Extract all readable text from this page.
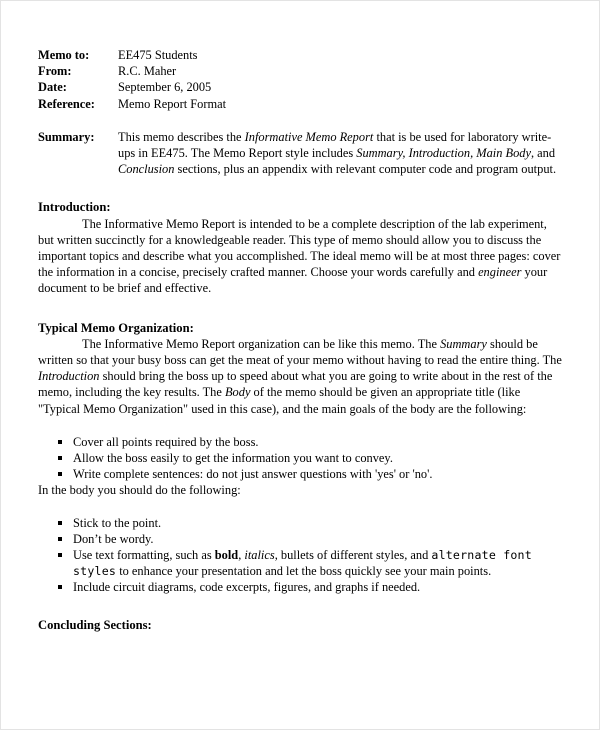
Memo to:	EE475 Students
From:	R.C. Maher
Date:	September 6, 2005
Reference:	Memo Report Format
Summary:	This memo describes the Informative Memo Report that is be used for laboratory write-ups in EE475. The Memo Report style includes Summary, Introduction, Main Body, and Conclusion sections, plus an appendix with relevant computer code and program output.
Introduction:

The Informative Memo Report is intended to be a complete description of the lab experiment, but written succinctly for a knowledgeable reader. This type of memo should allow you to discuss the important topics and describe what you accomplished. The ideal memo will be at most three pages: cover the information in a concise, precisely crafted manner. Choose your words carefully and engineer your document to be brief and effective.

Typical Memo Organization:

The Informative Memo Report organization can be like this memo. The Summary should be written so that your busy boss can get the meat of your memo without having to read the entire thing. The Introduction should bring the boss up to speed about what you are going to write about in the rest of the memo, including the key results. The Body of the memo should be given an appropriate title (like "Typical Memo Organization" used in this case), and the main goals of the body are the following:

Cover all points required by the boss.
Allow the boss easily to get the information you want to convey.
Write complete sentences: do not just answer questions with 'yes' or 'no'.

In the body you should do the following:

Stick to the point.
Don’t be wordy.
Use text formatting, such as bold, italics, bullets of different styles, and alternate font styles to enhance your presentation and let the boss quickly see your main points.
Include circuit diagrams, code excerpts, figures, and graphs if needed.
Concluding Sections:
